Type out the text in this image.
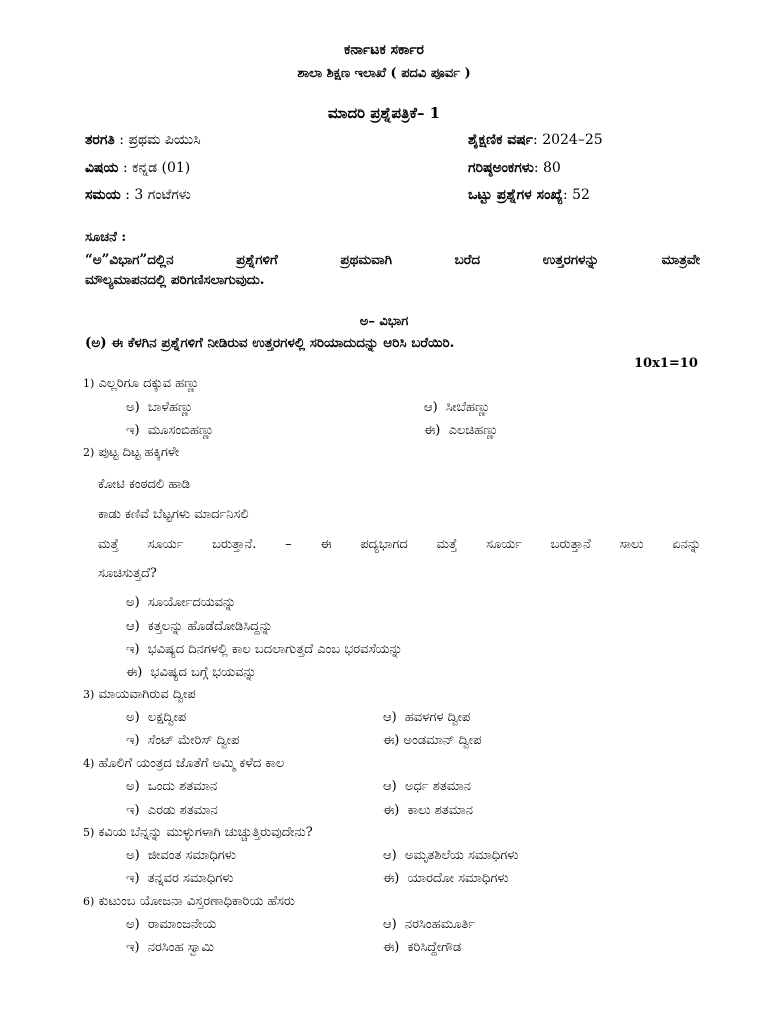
ಕರ್ನಾಟಕ ಸರ್ಕಾರ
ಶಾಲಾ ಶಿಕ್ಷಣ ಇಲಾಖೆ ( ಪದವಿ ಪೂರ್ವ )
ಮಾದರಿ ಪ್ರಶ್ನೆಪತ್ರಿಕೆ– 1
ತರಗತಿ : ಪ್ರಥಮ ಪಿಯುಸಿ	ಶೈಕ್ಷಣಿಕ ವರ್ಷ: 2024–25
ವಿಷಯ : ಕನ್ನಡ (01)	ಗರಿಷ್ಠಅಂಕಗಳು: 80
ಸಮಯ : 3 ಗಂಟೆಗಳು	ಒಟ್ಟು ಪ್ರಶ್ನೆಗಳ ಸಂಖ್ಯೆ: 52
ಸೂಚನೆ :
“ಅ”ವಿಭಾಗ”ದಲ್ಲಿನ ಪ್ರಶ್ನೆಗಳಿಗೆ ಪ್ರಥಮವಾಗಿ ಬರೆದ ಉತ್ತರಗಳನ್ನು ಮಾತ್ರವೇ
ಮೌಲ್ಯಮಾಪನದಲ್ಲಿ ಪರಿಗಣಿಸಲಾಗುವುದು.
ಅ– ವಿಭಾಗ
(ಅ) ಈ ಕೆಳಗಿನ ಪ್ರಶ್ನೆಗಳಿಗೆ ನೀಡಿರುವ ಉತ್ತರಗಳಲ್ಲಿ ಸರಿಯಾದುದನ್ನು ಆರಿಸಿ ಬರೆಯಿರಿ.
10x1=10
1) ಎಲ್ಲರಿಗೂ ದಕ್ಕುವ ಹಣ್ಣು
ಅ) ಬಾಳೆಹಣ್ಣು	ಆ) ಸೀಬೆಹಣ್ಣು
ಇ) ಮೂಸಂಬಿಹಣ್ಣು	ಈ) ಎಲಚಿಹಣ್ಣು
2) ಪುಟ್ಟ ದಿಟ್ಟ ಹಕ್ಕಿಗಳೇ
ಕೋಟಿ ಕಂಠದಲಿ ಹಾಡಿ
ಕಾಡು ಕಣಿವೆ ಬೆಟ್ಟಗಳು ಮಾರ್ದನಿಸಲಿ
ಮತ್ತೆ ಸೂರ್ಯ ಬರುತ್ತಾನೆ. – ಈ ಪದ್ಯಭಾಗದ ಮತ್ತೆ ಸೂರ್ಯ ಬರುತ್ತಾನೆ ಸಾಲು ಏನನ್ನು
ಸೂಚಿಸುತ್ತದೆ?
ಅ) ಸೂರ್ಯೋದಯವನ್ನು
ಆ) ಕತ್ತಲನ್ನು ಹೊಡೆದೋಡಿಸಿದ್ದನ್ನು
ಇ) ಭವಿಷ್ಯದ ದಿನಗಳಲ್ಲಿ ಕಾಲ ಬದಲಾಗುತ್ತದೆ ಎಂಬ ಭರವಸೆಯನ್ನು
ಈ) ಭವಿಷ್ಯದ ಬಗ್ಗೆ ಭಯವನ್ನು
3) ಮಾಯವಾಗಿರುವ ದ್ವೀಪ
ಅ) ಲಕ್ಷದ್ವೀಪ	ಆ) ಹವಳಗಳ ದ್ವೀಪ
ಇ) ಸೆಂಟ್ ಮೇರಿಸ್ ದ್ವೀಪ	ಈ) ಅಂಡಮಾನ್ ದ್ವೀಪ
4) ಹೊಲಿಗೆ ಯಂತ್ರದ ಜೊತೆಗೆ ಅಮ್ಮಿ ಕಳೆದ ಕಾಲ
ಅ) ಒಂದು ಶತಮಾನ	ಆ) ಅರ್ಧ ಶತಮಾನ
ಇ) ಎರಡು ಶತಮಾನ	ಈ) ಕಾಲು ಶತಮಾನ
5) ಕವಿಯ ಬೆನ್ನನ್ನು ಮುಳ್ಳುಗಳಾಗಿ ಚುಚ್ಚುತ್ತಿರುವುದೇನು?
ಅ) ಜೀವಂತ ಸಮಾಧಿಗಳು	ಆ) ಅಮೃತಶಿಲೆಯ ಸಮಾಧಿಗಳು
ಇ) ತನ್ನವರ ಸಮಾಧಿಗಳು	ಈ) ಯಾರದೋ ಸಮಾಧಿಗಳು
6) ಕುಟುಂಬ ಯೋಜನಾ ವಿಸ್ತರಣಾಧಿಕಾರಿಯ ಹೆಸರು
ಅ) ರಾಮಾಂಜನೇಯ	ಆ) ನರಸಿಂಹಮೂರ್ತಿ
ಇ) ನರಸಿಂಹ ಸ್ವಾಮಿ	ಈ) ಕರಿಸಿದ್ದೇಗೌಡ
